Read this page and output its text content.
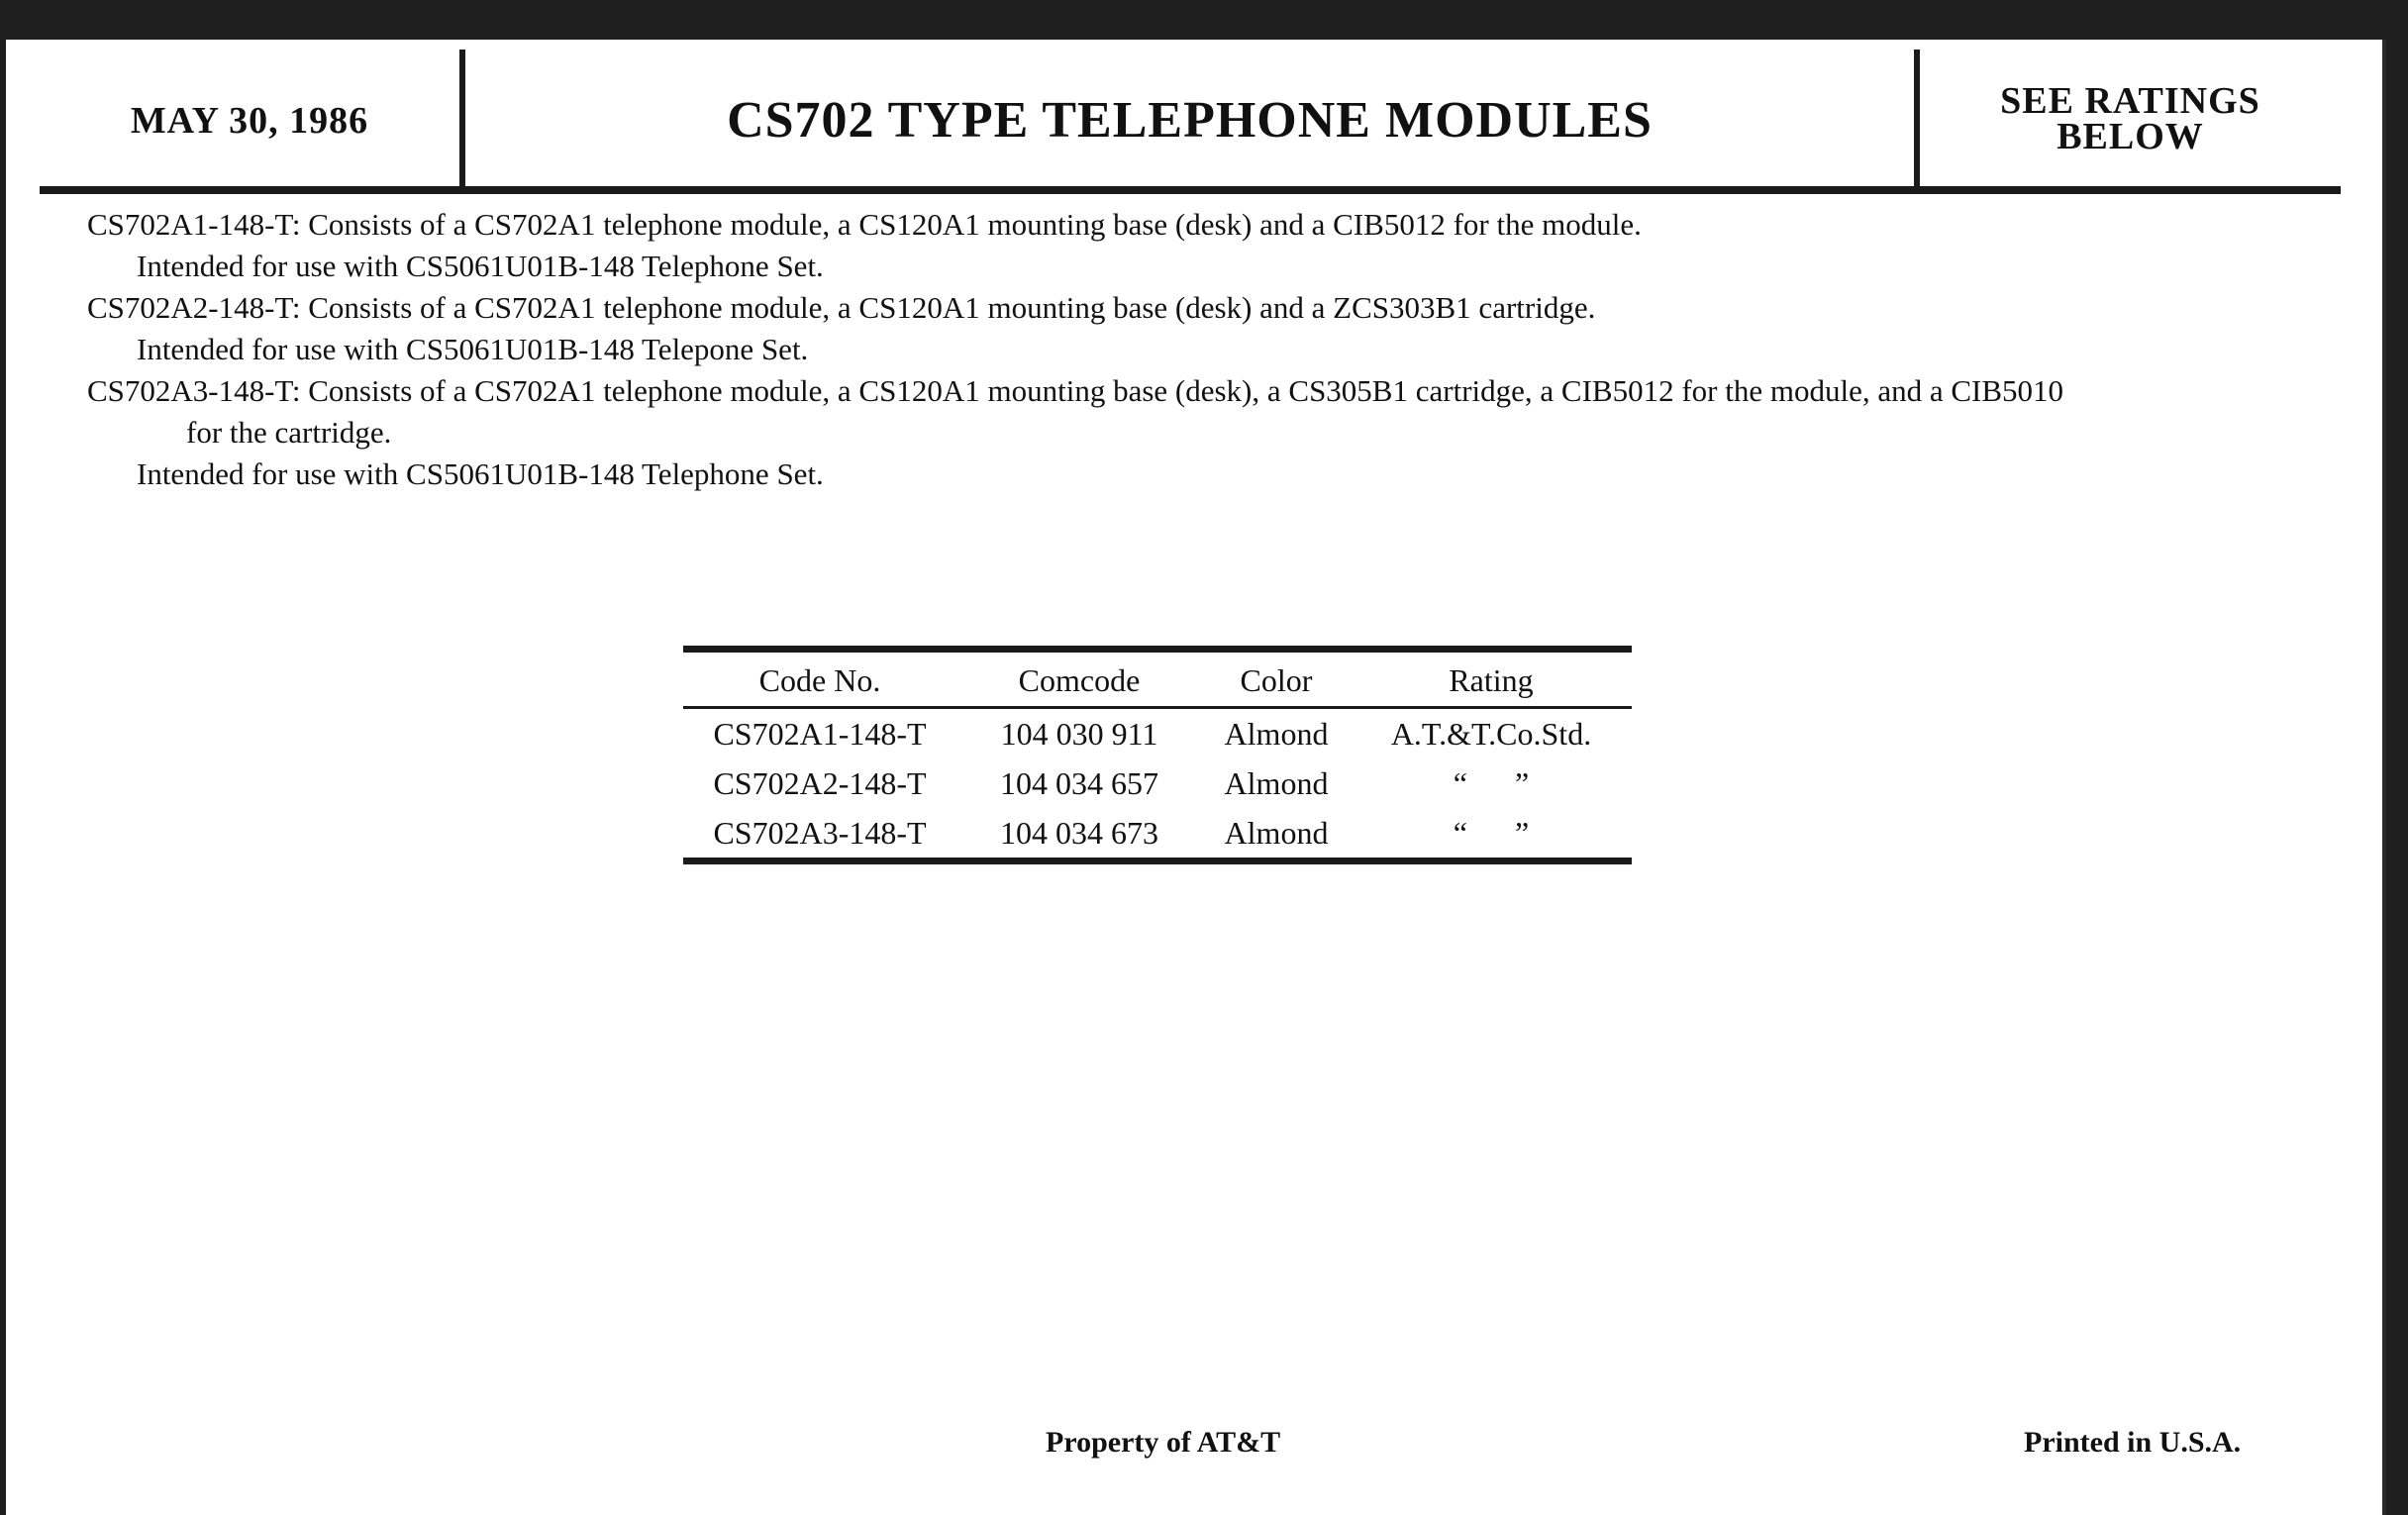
MAY 30, 1986	CS702 TYPE TELEPHONE MODULES	SEE RATINGS
BELOW
CS702A1-148-T: Consists of a CS702A1 telephone module, a CS120A1 mounting base (desk) and a CIB5012 for the module.
Intended for use with CS5061U01B-148 Telephone Set.
CS702A2-148-T: Consists of a CS702A1 telephone module, a CS120A1 mounting base (desk) and a ZCS303B1 cartridge.
Intended for use with CS5061U01B-148 Telepone Set.
CS702A3-148-T: Consists of a CS702A1 telephone module, a CS120A1 mounting base (desk), a CS305B1 cartridge, a CIB5012 for the module, and a CIB5010
for the cartridge.
Intended for use with CS5061U01B-148 Telephone Set.
Code No.	Comcode	Color	Rating
CS702A1-148-T	104 030 911	Almond	A.T.&T.Co.Std.
CS702A2-148-T	104 034 657	Almond	“      ”
CS702A3-148-T	104 034 673	Almond	“      ”
Property of AT&T	Printed in U.S.A.
